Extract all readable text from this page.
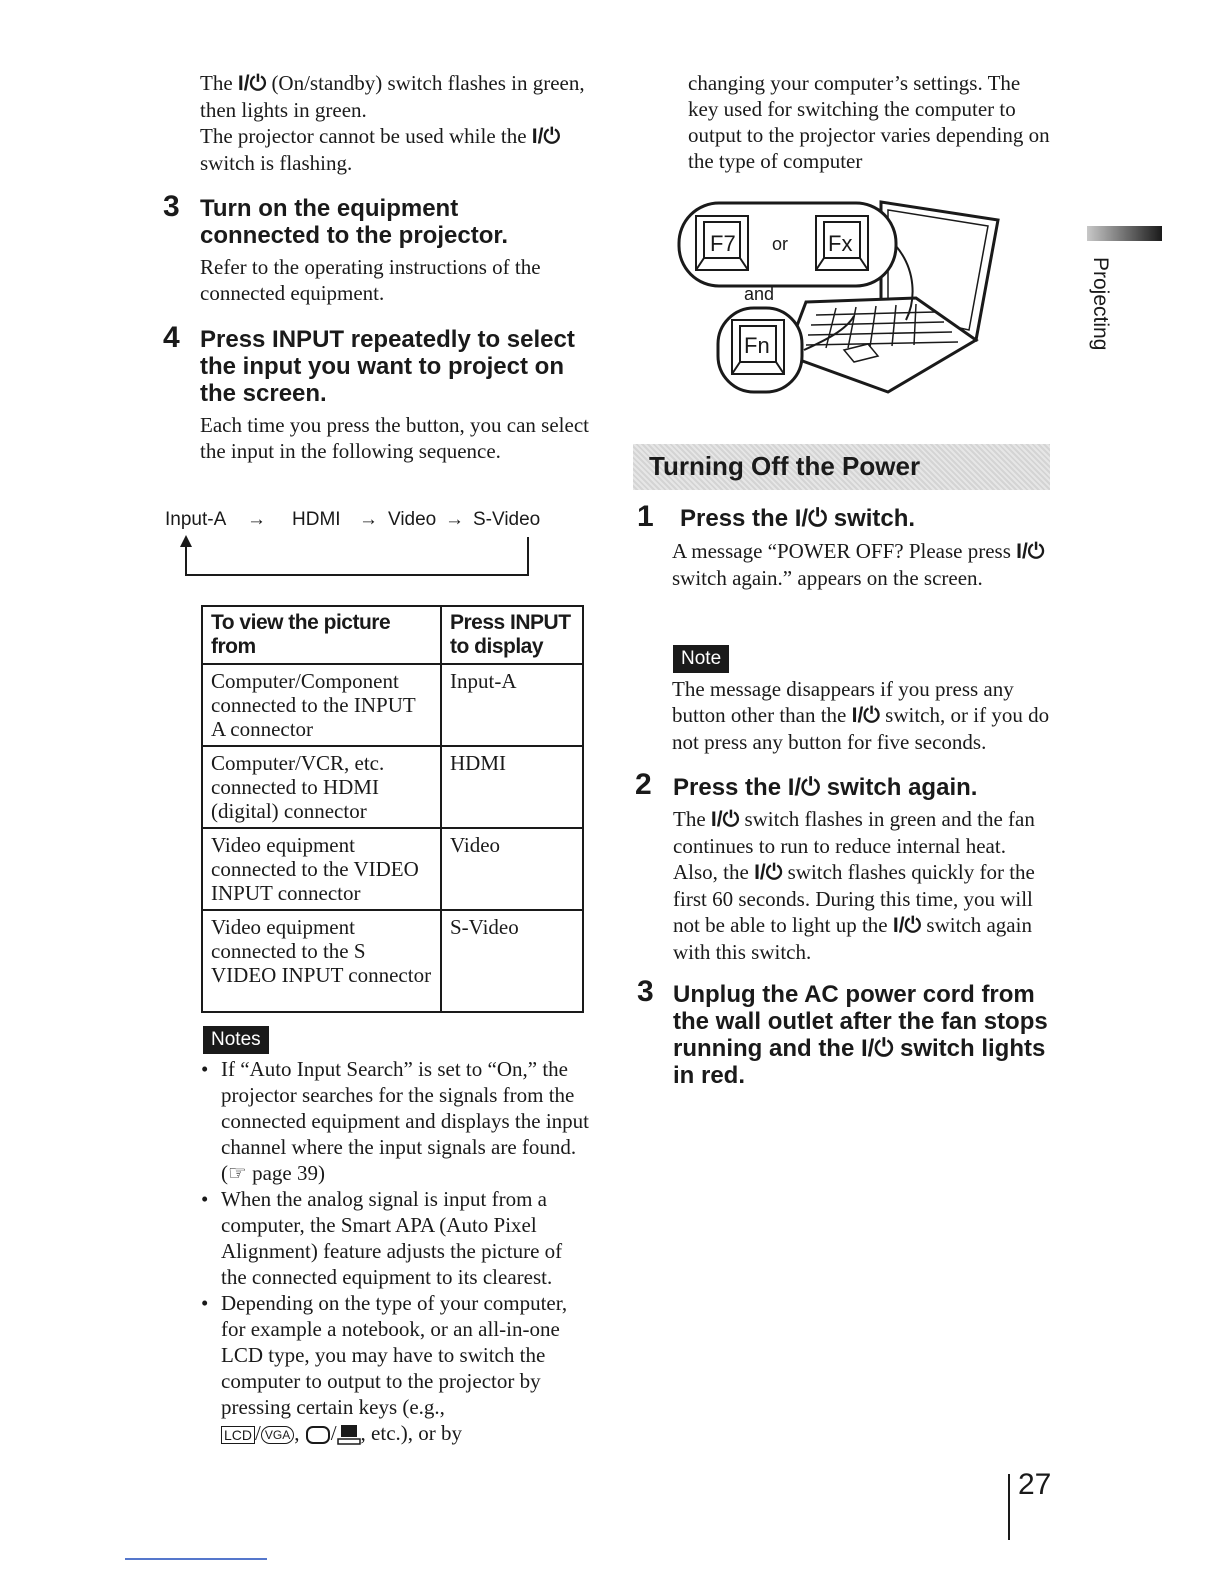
The I/⏻ (On/standby) switch flashes in green, then lights in green.
The projector cannot be used while the I/⏻ switch is flashing.
3 Turn on the equipment connected to the projector.
Refer to the operating instructions of the connected equipment.
4 Press INPUT repeatedly to select the input you want to project on the screen.
Each time you press the button, you can select the input in the following sequence.
Input-A → HDMI → Video → S-Video
To view the picture from	Press INPUT to display
Computer/Component connected to the INPUT A connector	Input-A
Computer/VCR, etc. connected to HDMI (digital) connector	HDMI
Video equipment connected to the VIDEO INPUT connector	Video
Video equipment connected to the S VIDEO INPUT connector	S-Video
Notes
• If “Auto Input Search” is set to “On,” the projector searches for the signals from the connected equipment and displays the input channel where the input signals are found. (☞ page 39)
• When the analog signal is input from a computer, the Smart APA (Auto Pixel Alignment) feature adjusts the picture of the connected equipment to its clearest.
• Depending on the type of your computer, for example a notebook, or an all-in-one LCD type, you may have to switch the computer to output to the projector by pressing certain keys (e.g.,
LCD / VGA , / , etc.), or by
changing your computer’s settings. The key used for switching the computer to output to the projector varies depending on the type of computer
F7 or Fx
and
Fn
Turning Off the Power
1 Press the I/⏻ switch.
A message “POWER OFF? Please press I/⏻ switch again.” appears on the screen.
Note
The message disappears if you press any button other than the I/⏻ switch, or if you do not press any button for five seconds.
2 Press the I/⏻ switch again.
The I/⏻ switch flashes in green and the fan continues to run to reduce internal heat. Also, the I/⏻ switch flashes quickly for the first 60 seconds. During this time, you will not be able to light up the I/⏻ switch again with this switch.
3 Unplug the AC power cord from the wall outlet after the fan stops running and the I/⏻ switch lights in red.
Projecting
27
